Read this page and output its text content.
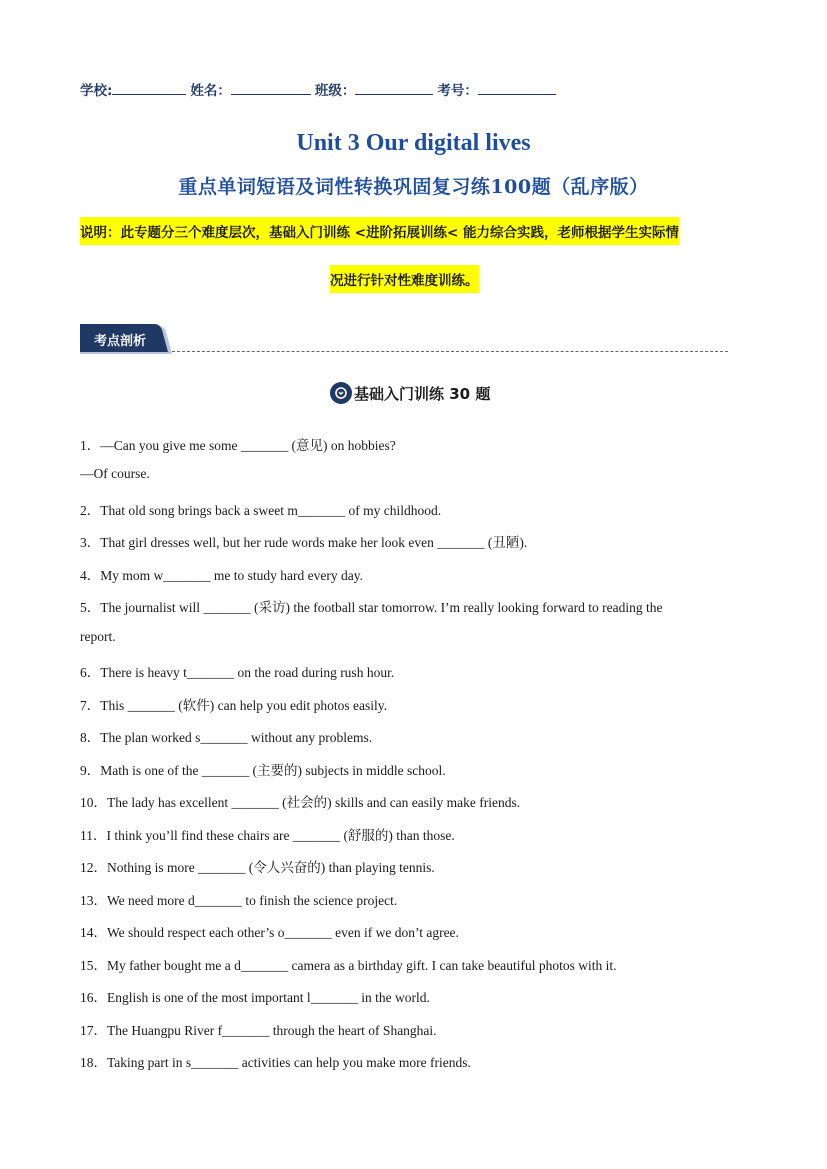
学校:	姓名：	班级：	考号：
Unit 3 Our digital lives
重点单词短语及词性转换巩固复习练100题（乱序版）
说明：此专题分三个难度层次，基础入门训练 <进阶拓展训练< 能力综合实践，老师根据学生实际情
况进行针对性难度训练。
考点剖析
基础入门训练 30 题
1．—Can you give me some _______ (意见) on hobbies?
—Of course.
2．That old song brings back a sweet m_______ of my childhood.
3．That girl dresses well, but her rude words make her look even _______ (丑陋).
4．My mom w_______ me to study hard every day.
5．The journalist will _______ (采访) the football star tomorrow. I’m really looking forward to reading the
report.
6．There is heavy t_______ on the road during rush hour.
7．This _______ (软件) can help you edit photos easily.
8．The plan worked s_______ without any problems.
9．Math is one of the _______ (主要的) subjects in middle school.
10．The lady has excellent _______ (社会的) skills and can easily make friends.
11．I think you’ll find these chairs are _______ (舒服的) than those.
12．Nothing is more _______ (令人兴奋的) than playing tennis.
13．We need more d_______ to finish the science project.
14．We should respect each other’s o_______ even if we don’t agree.
15．My father bought me a d_______ camera as a birthday gift. I can take beautiful photos with it.
16．English is one of the most important l_______ in the world.
17．The Huangpu River f_______ through the heart of Shanghai.
18．Taking part in s_______ activities can help you make more friends.
